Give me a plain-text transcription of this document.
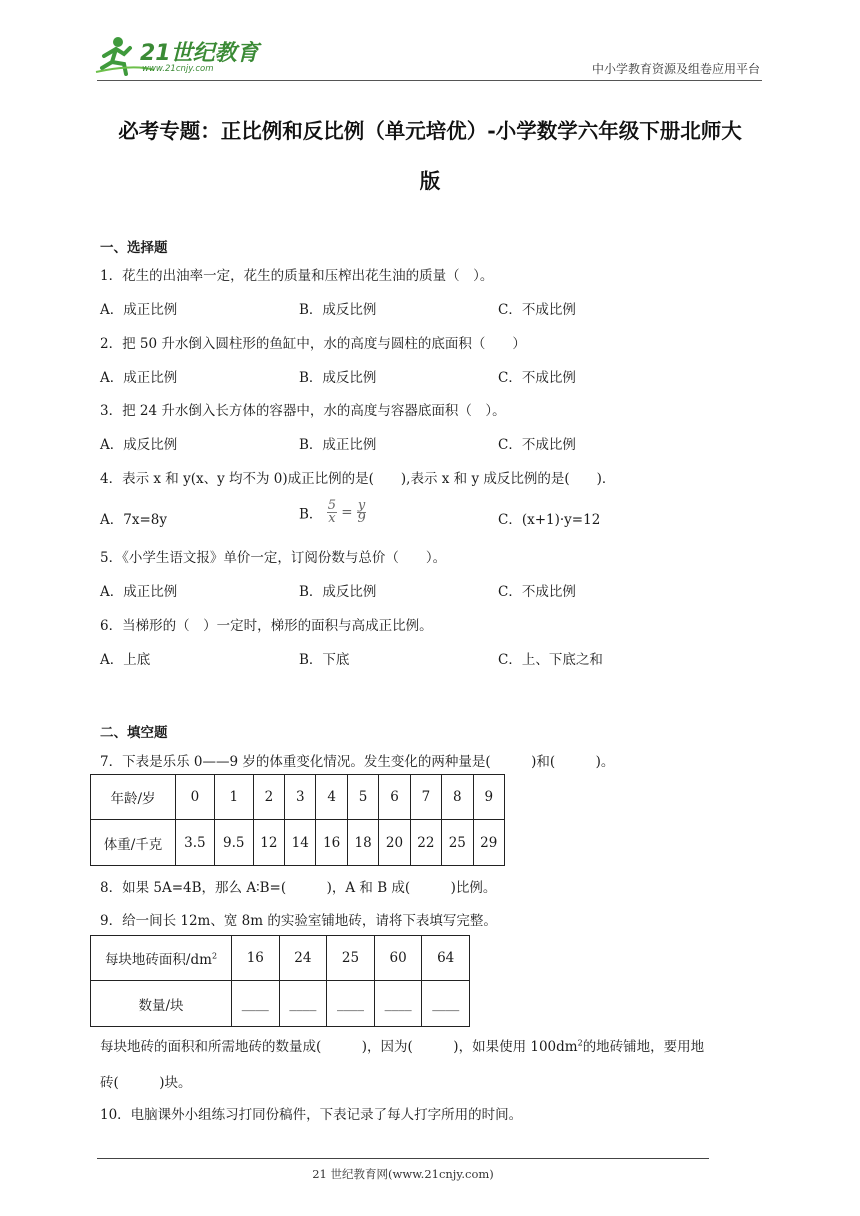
21世纪教育
www.21cnjy.com	中小学教育资源及组卷应用平台
必考专题：正比例和反比例（单元培优）-小学数学六年级下册北师大
版
一、选择题
1．花生的出油率一定，花生的质量和压榨出花生油的质量（　）。
A．成正比例	B．成反比例	C．不成比例
2．把 50 升水倒入圆柱形的鱼缸中，水的高度与圆柱的底面积（　　）
A．成正比例	B．成反比例	C．不成比例
3．把 24 升水倒入长方体的容器中，水的高度与容器底面积（　）。
A．成反比例	B．成正比例	C．不成比例
4．表示 x 和 y(x、y 均不为 0)成正比例的是(　　),表示 x 和 y 成反比例的是(　　)．
A．7x=8y	B． $\frac{5}{x} = \frac{y}{9}$	C．(x+1)·y=12
5．《小学生语文报》单价一定，订阅份数与总价（　　）。
A．成正比例	B．成反比例	C．不成比例
6．当梯形的（　）一定时，梯形的面积与高成正比例。
A．上底	B．下底	C．上、下底之和
二、填空题
7．下表是乐乐 0——9 岁的体重变化情况。发生变化的两种量是(　　　)和(　　　)。
年龄/岁	0	1	2	3	4	5	6	7	8	9
体重/千克	3.5	9.5	12	14	16	18	20	22	25	29
8．如果 5A=4B，那么 A∶B=(　　　)，A 和 B 成(　　　)比例。
9．给一间长 12m、宽 8m 的实验室铺地砖，请将下表填写完整。
每块地砖面积$/dm^2$	16	24	25	60	64
数量/块	____	____	____	____	____
每块地砖的面积和所需地砖的数量成(　　　)，因为(　　　)，如果使用 $100dm^2$的地砖铺地，要用地
砖(　　　)块。
10．电脑课外小组练习打同份稿件，下表记录了每人打字所用的时间。
21 世纪教育网(www.21cnjy.com)
